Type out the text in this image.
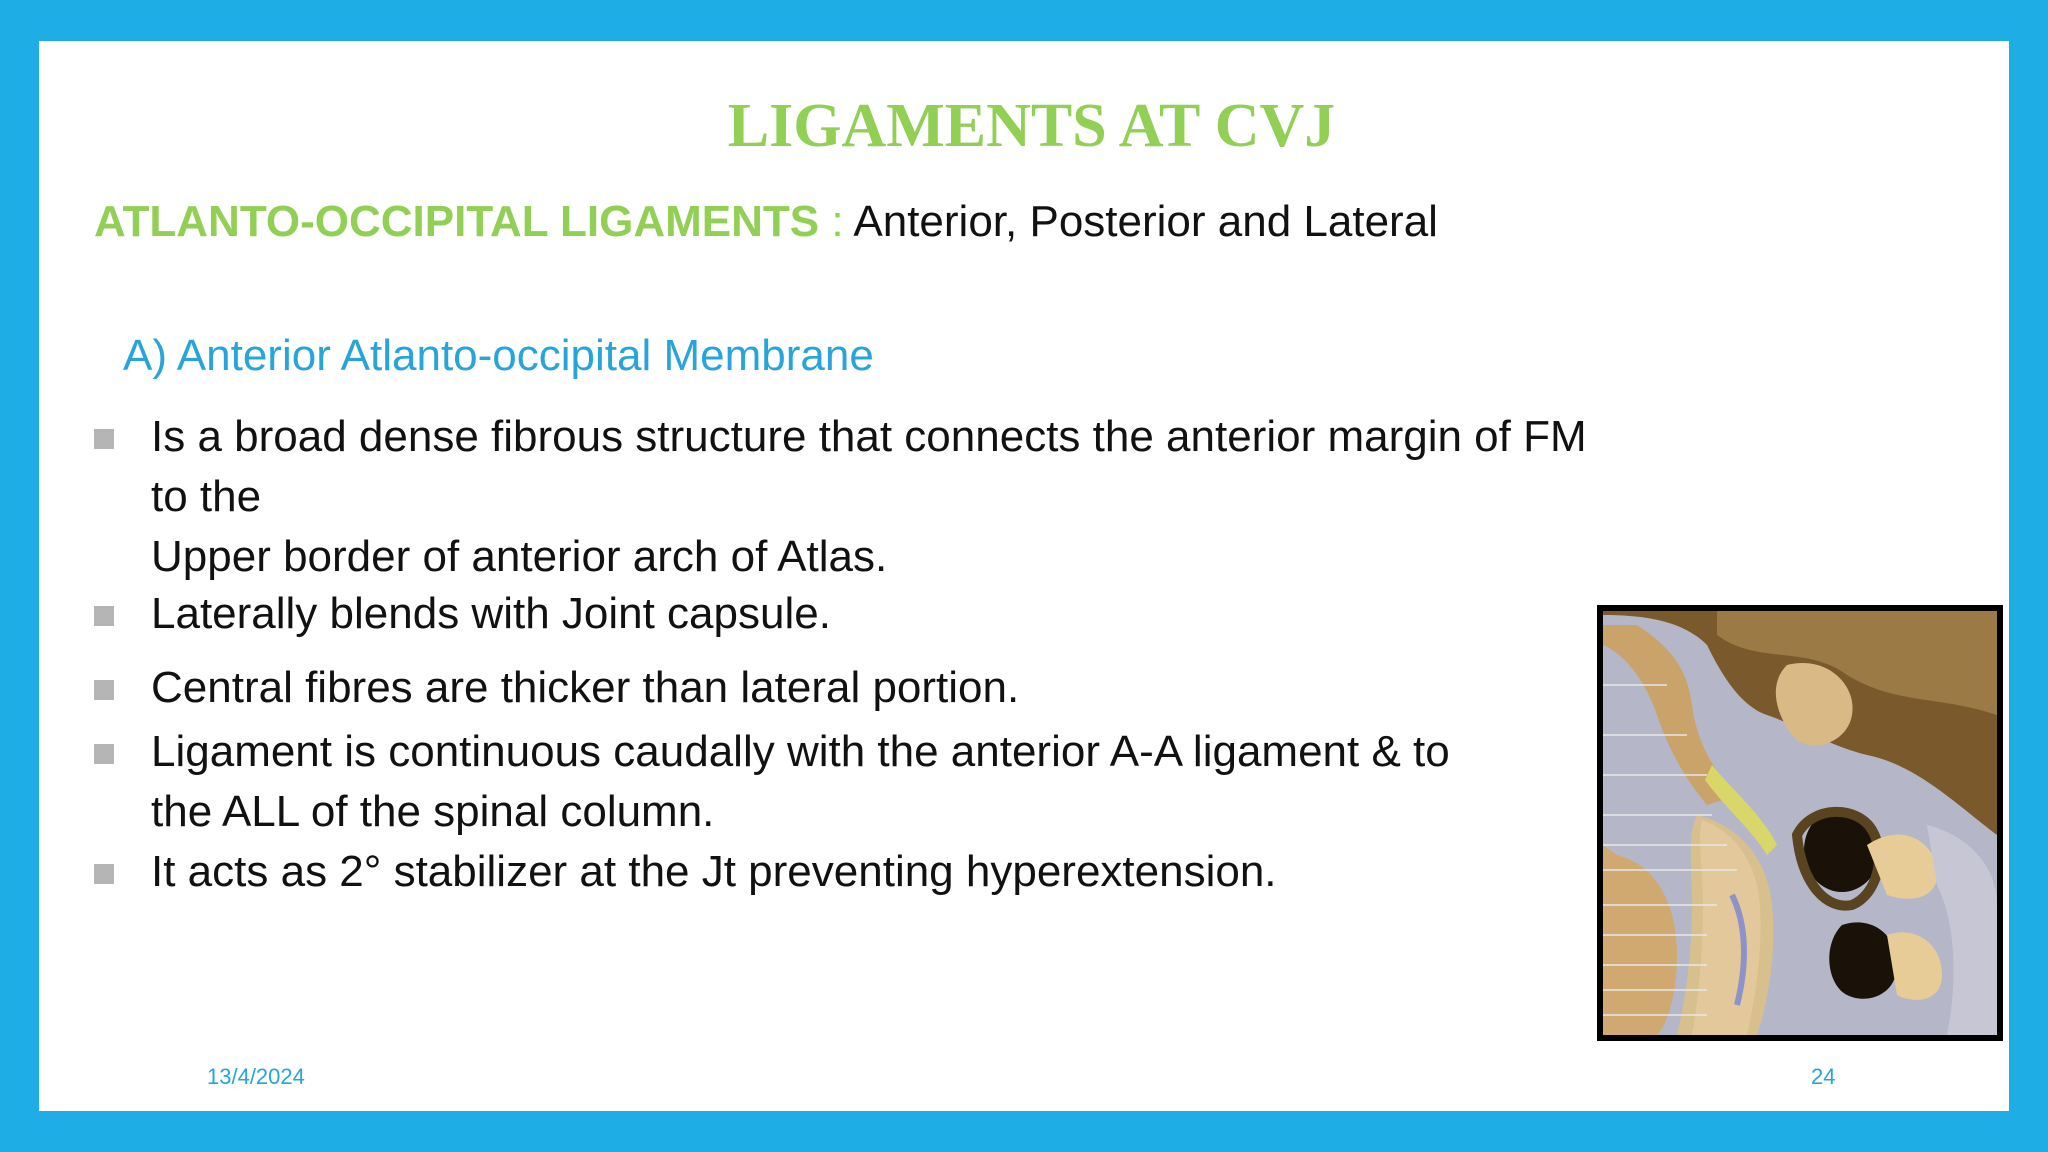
LIGAMENTS AT CVJ

ATLANTO-OCCIPITAL LIGAMENTS : Anterior, Posterior and Lateral

A) Anterior Atlanto-occipital Membrane

Is a broad dense fibrous structure that connects the anterior margin of FM to the
Upper border of anterior arch of Atlas.
Laterally blends with Joint capsule.
Central fibres are thicker than lateral portion.
Ligament is continuous caudally with the anterior A-A ligament & to
the ALL of the spinal column.
It acts as 2° stabilizer at the Jt preventing hyperextension.

13/4/2024	24
